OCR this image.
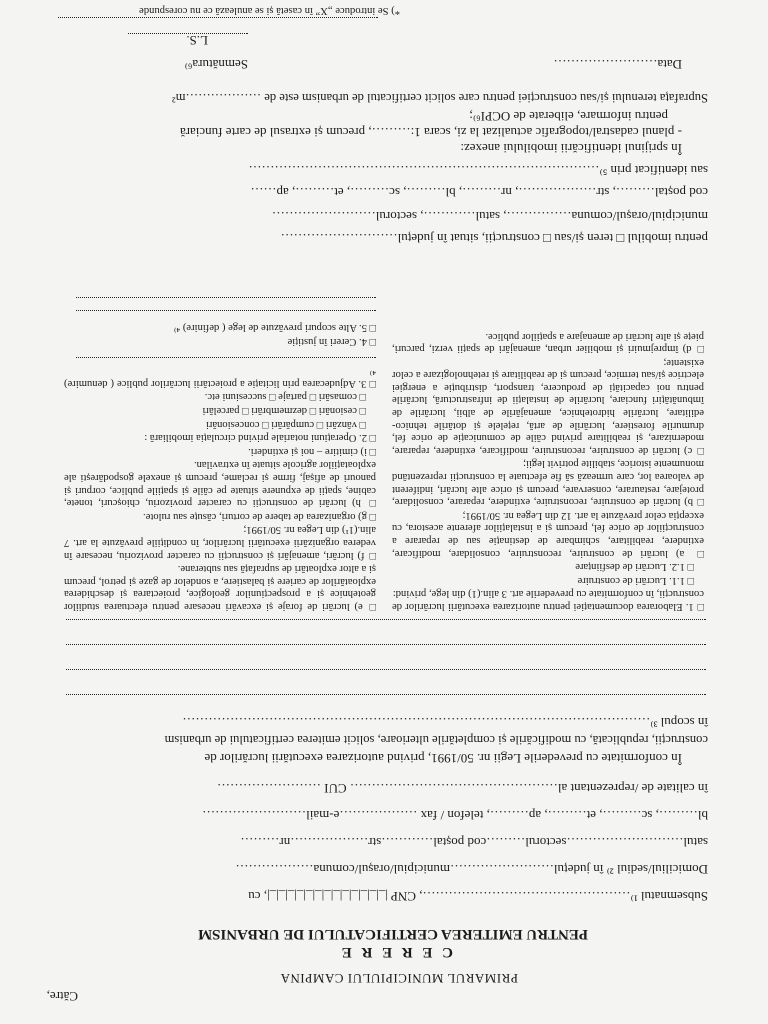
Către,
PRIMARUL MUNICIPIULUI CAMPINA
C E R E R E
PENTRU EMITEREA CERTIFICATULUI DE URBANISM
Subsemnatul ¹⁾…………………………………………, CNP |_|_|_|_|_|_|_|_|_|_|_|_|_|, cu
Domiciliul/sediul ²⁾ în județul……………………municipiul/orașul/comuna………………
satul………………………sectorul………cod poștal…………str………………nr………
bl………, sc………, et………, ap………, telefon / fax ………………e-mail……………………
în calitate de /reprezentant al………………………………………… CUI ……………………
În conformitate cu prevederile Legii nr. 50/1991, privind autorizarea executării lucrărilor de
construcții, republicată, cu modificările și completările ulterioare, solicit emiterea certificatului de urbanism
în scopul ³⁾………………………………………………………………………………………………

□ 1. Elaborarea documentației pentru autorizarea executării lucrărilor de construcții, în conformitate cu prevederile art. 3 alin.(1) din lege, privind:

□ 1.1. Lucrări de construire

□ 1.2. Lucrări de desființare

□ a) lucrări de construire, reconstruire, consolidare, modificare, extindere, reabilitare, schimbare de destinație sau de reparare a construcțiilor de orice fel, precum și a instalațiilor aferente acestora, cu excepția celor prevăzute la art. 12 din Legea nr. 50/1991;

□ b) lucrări de construire, reconstruire, extindere, reparare, consolidare, protejare, restaurare, conservare, precum și orice alte lucrări, indiferent de valoarea lor, care urmează să fie efectuate la construcții reprezentând monumente istorice, stabilite potrivit legii;

□ c) lucrări de construire, reconstruire, modificare, extindere, reparare, modernizare, și reabilitare privind căile de comunicație de orice fel, drumurile forestiere, lucrările de artă, rețelele și dotările tehnico-edilitare, lucrările hidrotehnice, amenajările de albii, lucrările de îmbunătățiri funciare, lucrările de instalații de infrastructură, lucrările pentru noi capacități de producere, transport, distribuție a energiei electrice și/sau termice, precum și de reabilitare și retehnologizare a celor existente;

□ d) împrejmuiri și mobilier urban, amenajări de spații verzi, parcuri, piețe și alte lucrări de amenajare a spațiilor publice.

□ e) lucrări de foraje și excavări necesare pentru efectuarea studiilor geotehnice și a prospecțiunilor geologice, proiectarea și deschiderea exploatărilor de cariere și balastiere, a sondelor de gaze și petrol, precum și a altor exploatări de suprafață sau subterane.

□ f) lucrări, amenajări și construcții cu caracter provizoriu, necesare în vederea organizării executării lucrărilor, în condițiile prevăzute la art. 7 alin.(1¹) din Legea nr. 50/1991;

□ g) organizarea de tabere de corturi, căsuțe sau rulote.

□ h) lucrări de construcții cu caracter provizoriu, chioșcuri, tonete, cabine, spații de expunere situate pe căile și spațiile publice, corpuri și panouri de afișaj, firme și reclame, precum și anexele gospodărești ale exploatațiilor agricole situate în extravilan.

□ i) cimitire – noi și extinderi.

□ 2. Operațiuni notariale privind circulația imobiliară :

□ vânzări □ cumpărări □ concesionări

□ cesionări □ dezmembrări □ parcelări

□ comasări □ partaje □ succesiuni etc.

□ 3. Adjudecarea prin licitație a proiectării lucrărilor publice ( denumire) ⁴⁾

□ 4. Cereri în justiție

□ 5. Alte scopuri prevăzute de lege ( definire) ⁴⁾

pentru imobilul □ teren și/sau □ construcții, situat în județul………………………
municipiul/orașul/comuna……………, satul…………, sectorul……………………
cod poștal………, str………………, nr………, bl………, sc………, et………, ap……
sau identificat prin ⁵⁾………………………………………………………………………
În sprijinul identificării imobilului anexez:
- planul cadastral/topografic actualizat la zi, scara 1:………, precum și extrasul de carte funciară
pentru informare, eliberate de OCPI⁶⁾;
Suprafața terenului și/sau construcției pentru care solicit certificatul de urbanism este de ………………m²
Data……………………
Semnătura⁶⁾
L.S.
*) Se introduce „X” în casetă și se anulează ce nu corespunde
